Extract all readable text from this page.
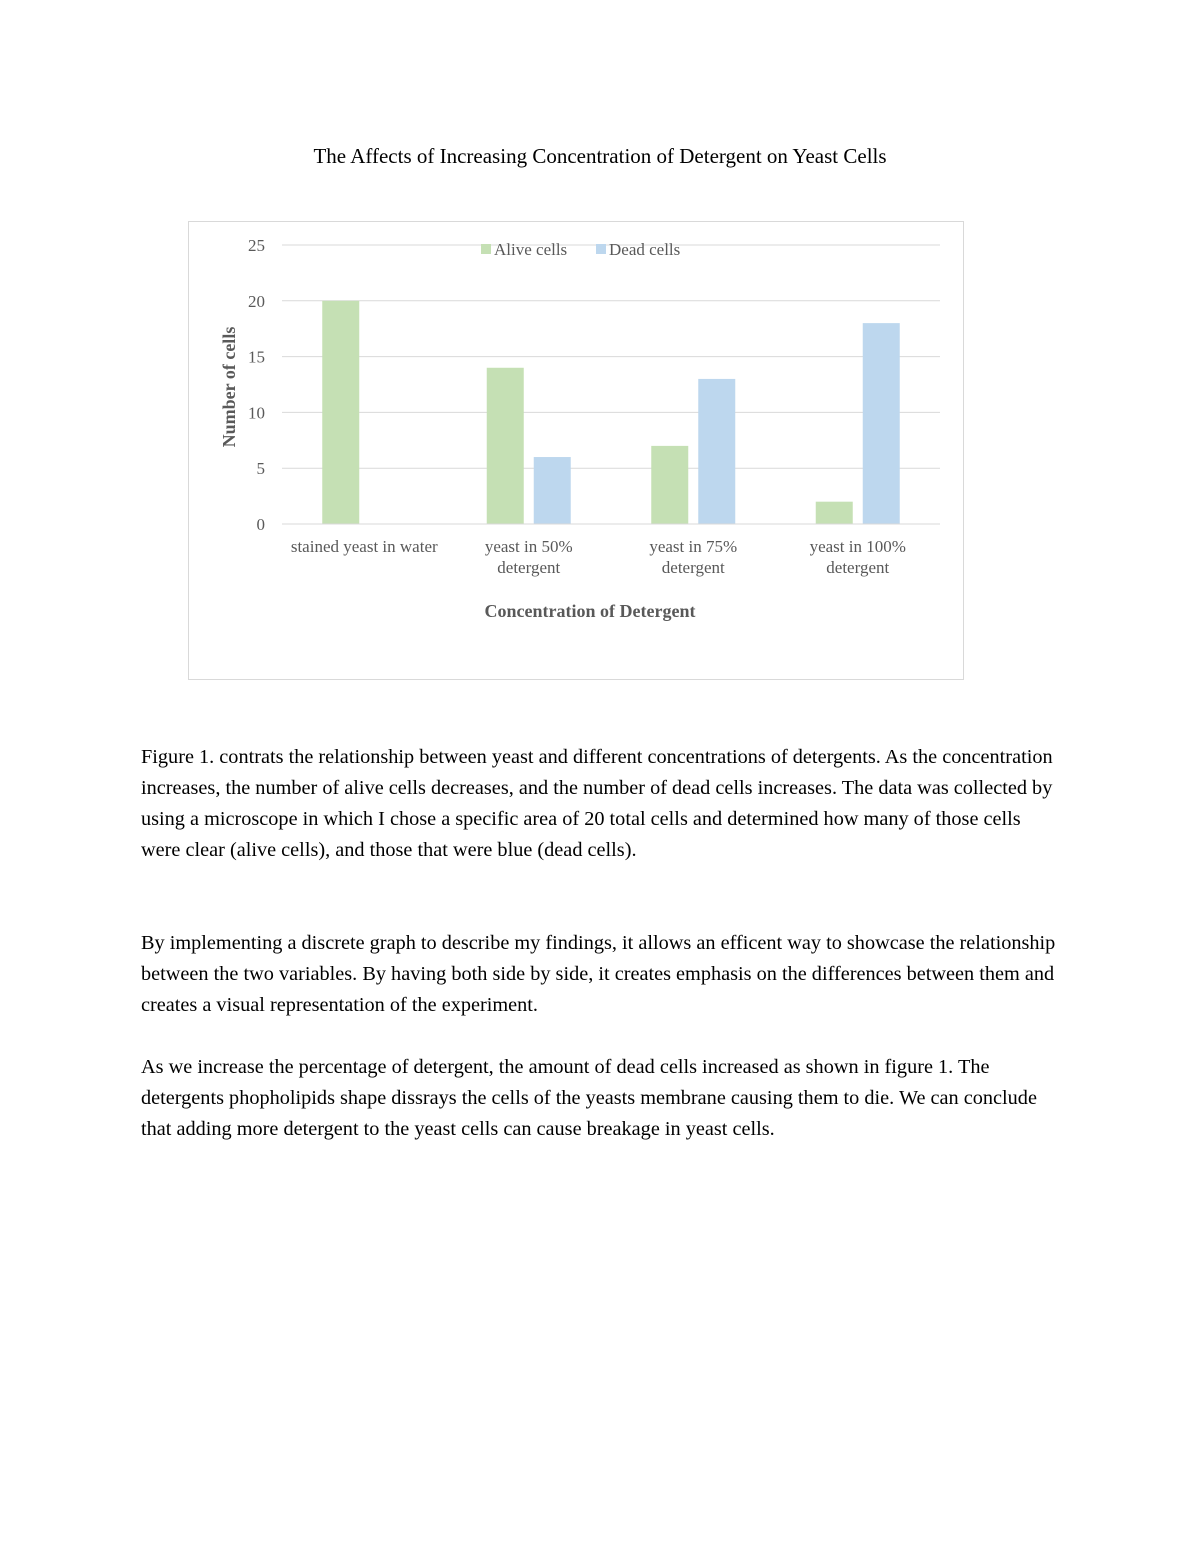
The Affects of Increasing Concentration of Detergent on Yeast Cells
0
5
10
15
20
25
stained yeast in water	yeast in 50% detergent
yeast in 75% detergent
yeast in 100% detergent
Alive cells Dead cells
Number of cells
Concentration of Detergent

Figure 1. contrats the relationship between yeast and different concentrations of detergents. As the concentration increases, the number of alive cells decreases, and the number of dead cells increases. The data was collected by using a microscope in which I chose a specific area of 20 total cells and determined how many of those cells were clear (alive cells), and those that were blue (dead cells).

By implementing a discrete graph to describe my findings, it allows an efficent way to showcase the relationship between the two variables. By having both side by side, it creates emphasis on the differences between them and creates a visual representation of the experiment.

As we increase the percentage of detergent, the amount of dead cells increased as shown in figure 1. The detergents phopholipids shape dissrays the cells of the yeasts membrane causing them to die. We can conclude that adding more detergent to the yeast cells can cause breakage in yeast cells.
